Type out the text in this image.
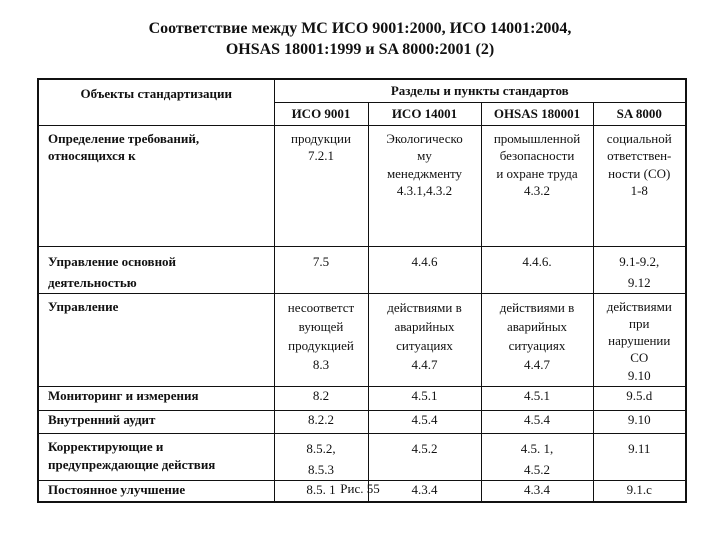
Соответствие между МС ИСО 9001:2000, ИСО 14001:2004,
OHSAS 18001:1999 и SA 8000:2001 (2)
Объекты стандартизации	Разделы и пункты стандартов			
	ИСО 9001	ИСО 14001	OHSAS 180001	SA 8000

Определение требований,
относящихся к	продукции
7.2.1	Экологическо
му
менеджменту
4.3.1,4.3.2	промышленной
безопасности
и охране труда
4.3.2	социальной
ответствен-
ности (СО)
1-8

Управление основной
деятельностью	7.5	4.4.6	4.4.6.	9.1-9.2,
9.12

Управление	несоответст
вующей
продукцией
8.3	действиями в
аварийных
ситуациях
4.4.7	действиями в
аварийных
ситуациях
4.4.7	действиями
при
нарушении
СО
9.10

Мониторинг и измерения	8.2	4.5.1	4.5.1	9.5.d
Внутренний аудит	8.2.2	4.5.4	4.5.4	9.10

Корректирующие и
предупреждающие действия	8.5.2,
8.5.3	4.5.2	4.5. 1,
4.5.2	9.11

Постоянное улучшение	8.5. 1	4.3.4	4.3.4	9.1.c
Рис. 55
